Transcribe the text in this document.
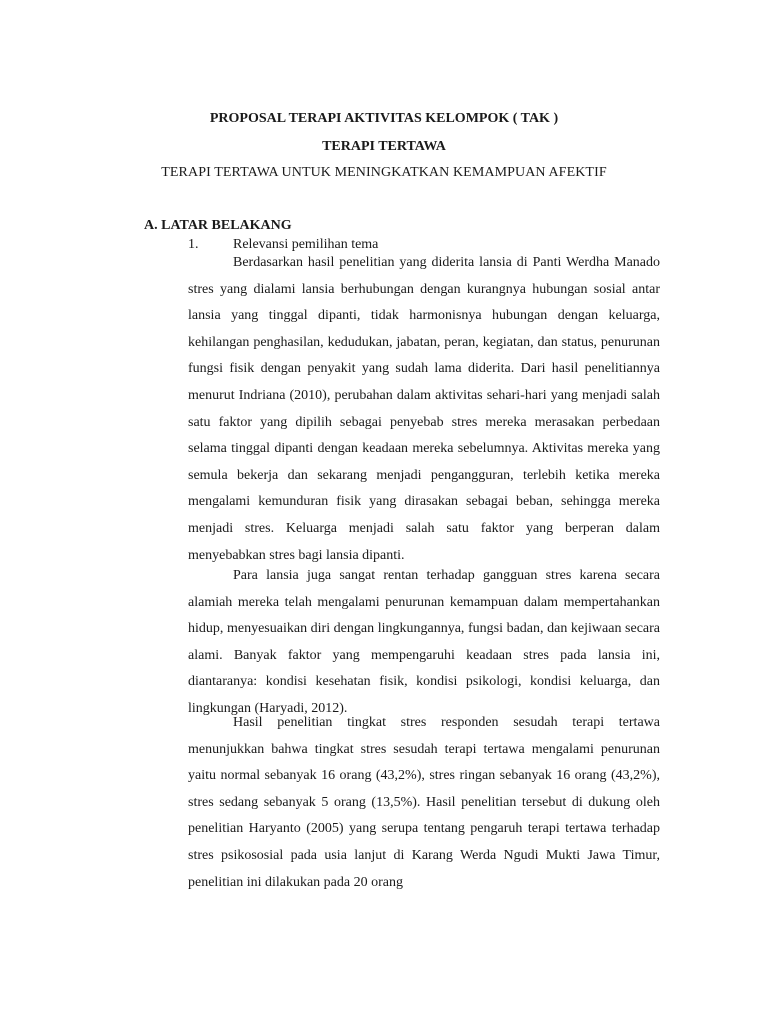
PROPOSAL TERAPI AKTIVITAS KELOMPOK ( TAK )
TERAPI TERTAWA
TERAPI TERTAWA UNTUK MENINGKATKAN KEMAMPUAN AFEKTIF
A. LATAR BELAKANG
1. Relevansi pemilihan tema

Berdasarkan hasil penelitian yang diderita lansia di Panti Werdha Manado stres yang dialami lansia berhubungan dengan kurangnya hubungan sosial antar lansia yang tinggal dipanti, tidak harmonisnya hubungan dengan keluarga, kehilangan penghasilan, kedudukan, jabatan, peran, kegiatan, dan status, penurunan fungsi fisik dengan penyakit yang sudah lama diderita. Dari hasil penelitiannya menurut Indriana (2010), perubahan dalam aktivitas sehari-hari yang menjadi salah satu faktor yang dipilih sebagai penyebab stres mereka merasakan perbedaan selama tinggal dipanti dengan keadaan mereka sebelumnya. Aktivitas mereka yang semula bekerja dan sekarang menjadi pengangguran, terlebih ketika mereka mengalami kemunduran fisik yang dirasakan sebagai beban, sehingga mereka menjadi stres. Keluarga menjadi salah satu faktor yang berperan dalam menyebabkan stres bagi lansia dipanti.

Para lansia juga sangat rentan terhadap gangguan stres karena secara alamiah mereka telah mengalami penurunan kemampuan dalam mempertahankan hidup, menyesuaikan diri dengan lingkungannya, fungsi badan, dan kejiwaan secara alami. Banyak faktor yang mempengaruhi keadaan stres pada lansia ini, diantaranya: kondisi kesehatan fisik, kondisi psikologi, kondisi keluarga, dan lingkungan (Haryadi, 2012).

Hasil penelitian tingkat stres responden sesudah terapi tertawa menunjukkan bahwa tingkat stres sesudah terapi tertawa mengalami penurunan yaitu normal sebanyak 16 orang (43,2%), stres ringan sebanyak 16 orang (43,2%), stres sedang sebanyak 5 orang (13,5%). Hasil penelitian tersebut di dukung oleh penelitian Haryanto (2005) yang serupa tentang pengaruh terapi tertawa terhadap stres psikososial pada usia lanjut di Karang Werda Ngudi Mukti Jawa Timur, penelitian ini dilakukan pada 20 orang
